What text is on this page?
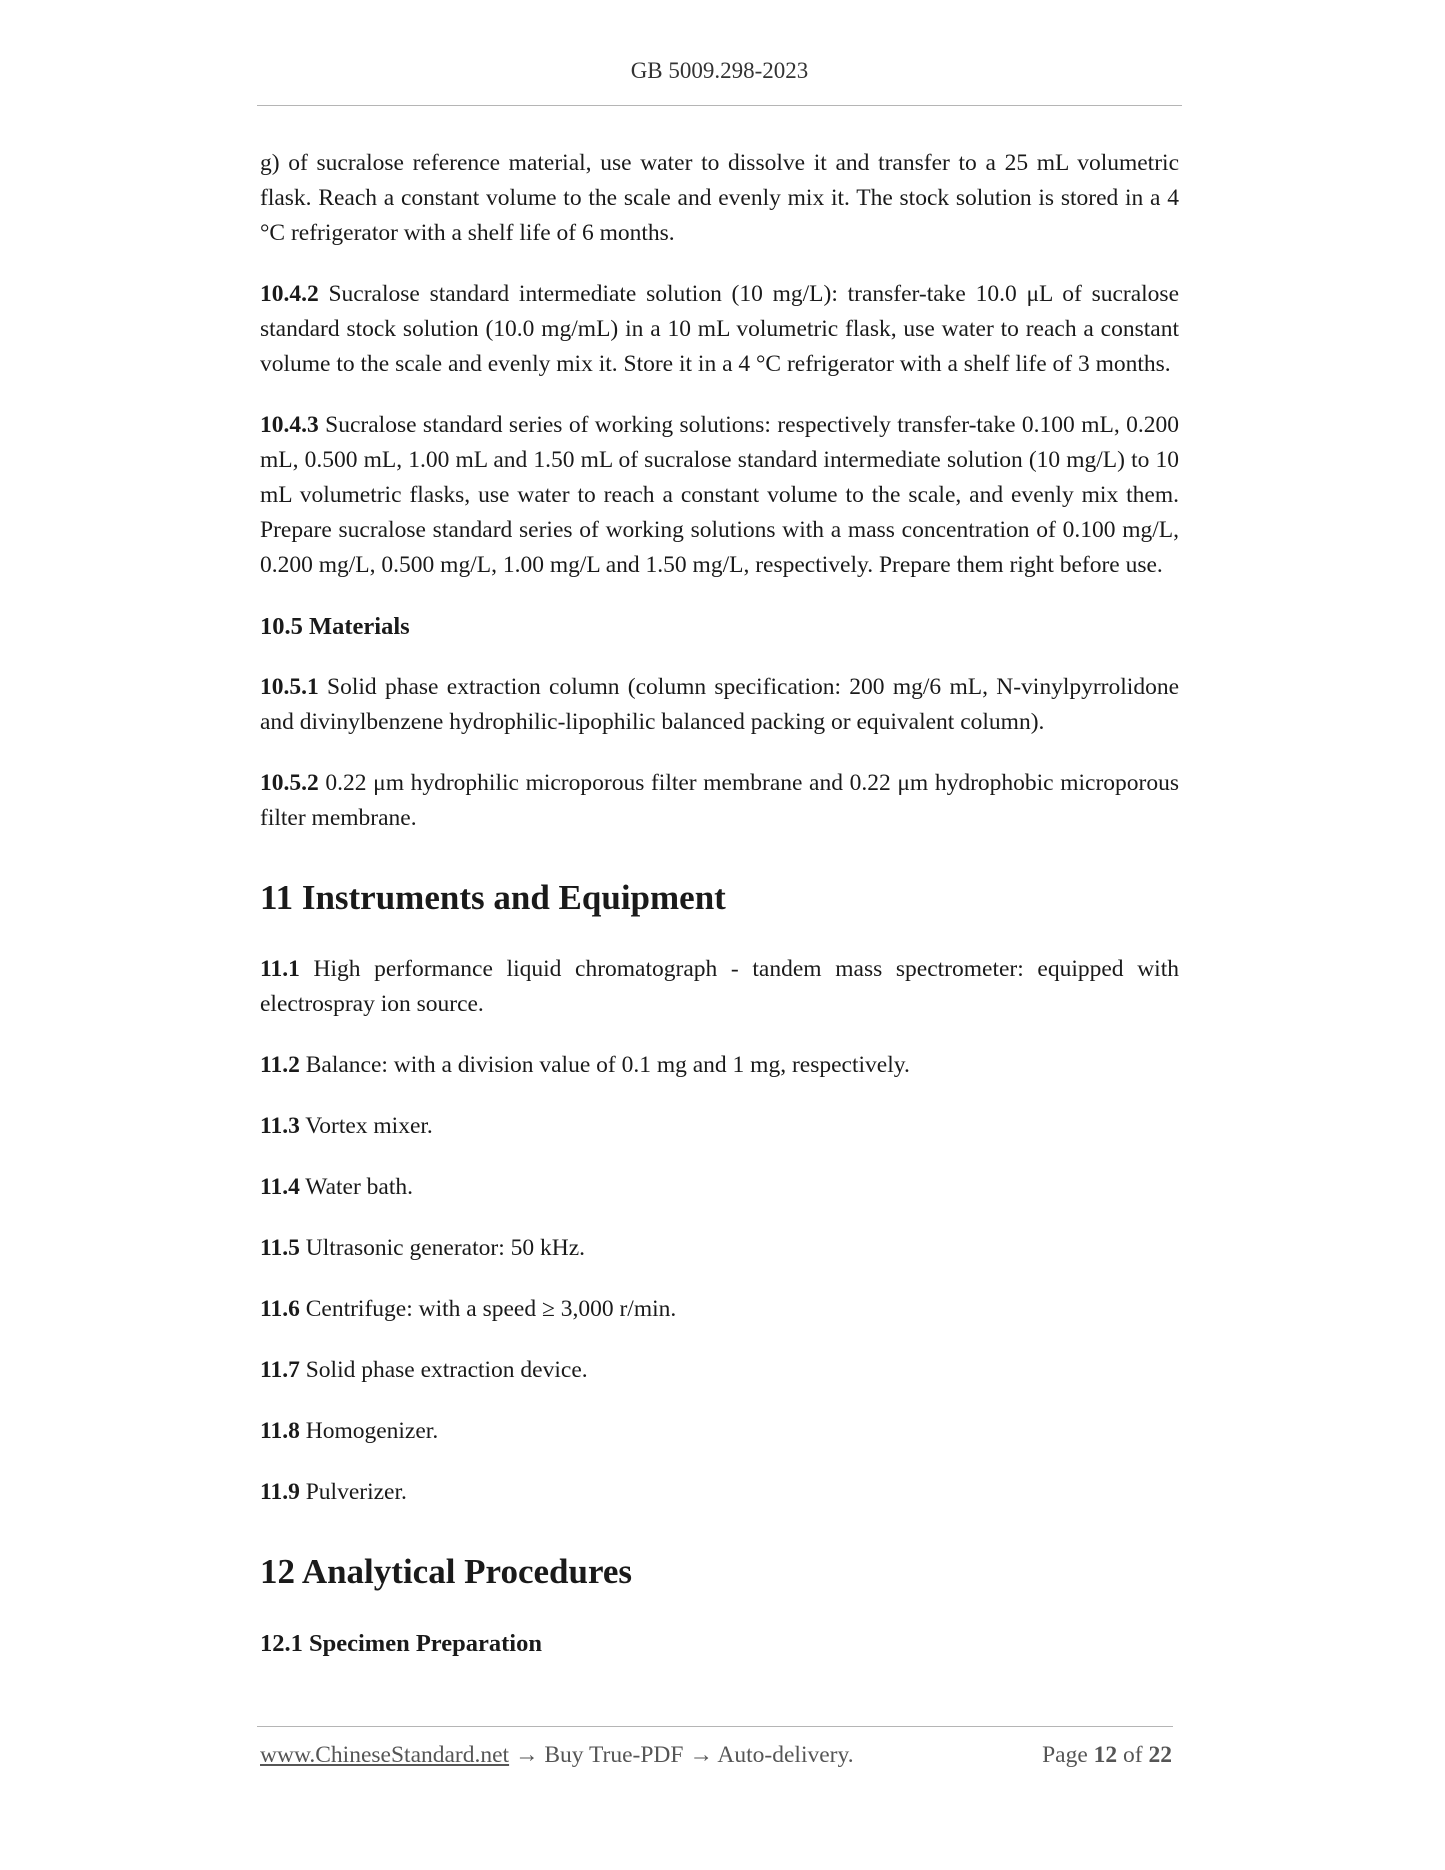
GB 5009.298-2023

g) of sucralose reference material, use water to dissolve it and transfer to a 25 mL volumetric flask. Reach a constant volume to the scale and evenly mix it. The stock solution is stored in a 4 °C refrigerator with a shelf life of 6 months.

10.4.2 Sucralose standard intermediate solution (10 mg/L): transfer-take 10.0 μL of sucralose standard stock solution (10.0 mg/mL) in a 10 mL volumetric flask, use water to reach a constant volume to the scale and evenly mix it. Store it in a 4 °C refrigerator with a shelf life of 3 months.

10.4.3 Sucralose standard series of working solutions: respectively transfer-take 0.100 mL, 0.200 mL, 0.500 mL, 1.00 mL and 1.50 mL of sucralose standard intermediate solution (10 mg/L) to 10 mL volumetric flasks, use water to reach a constant volume to the scale, and evenly mix them. Prepare sucralose standard series of working solutions with a mass concentration of 0.100 mg/L, 0.200 mg/L, 0.500 mg/L, 1.00 mg/L and 1.50 mg/L, respectively. Prepare them right before use.

10.5 Materials

10.5.1 Solid phase extraction column (column specification: 200 mg/6 mL, N-vinylpyrrolidone and divinylbenzene hydrophilic-lipophilic balanced packing or equivalent column).

10.5.2 0.22 μm hydrophilic microporous filter membrane and 0.22 μm hydrophobic microporous filter membrane.

11 Instruments and Equipment

11.1 High performance liquid chromatograph - tandem mass spectrometer: equipped with electrospray ion source.

11.2 Balance: with a division value of 0.1 mg and 1 mg, respectively.

11.3 Vortex mixer.

11.4 Water bath.

11.5 Ultrasonic generator: 50 kHz.

11.6 Centrifuge: with a speed ≥ 3,000 r/min.

11.7 Solid phase extraction device.

11.8 Homogenizer.

11.9 Pulverizer.

12 Analytical Procedures

12.1 Specimen Preparation

www.ChineseStandard.net → Buy True-PDF → Auto-delivery.	Page 12 of 22
